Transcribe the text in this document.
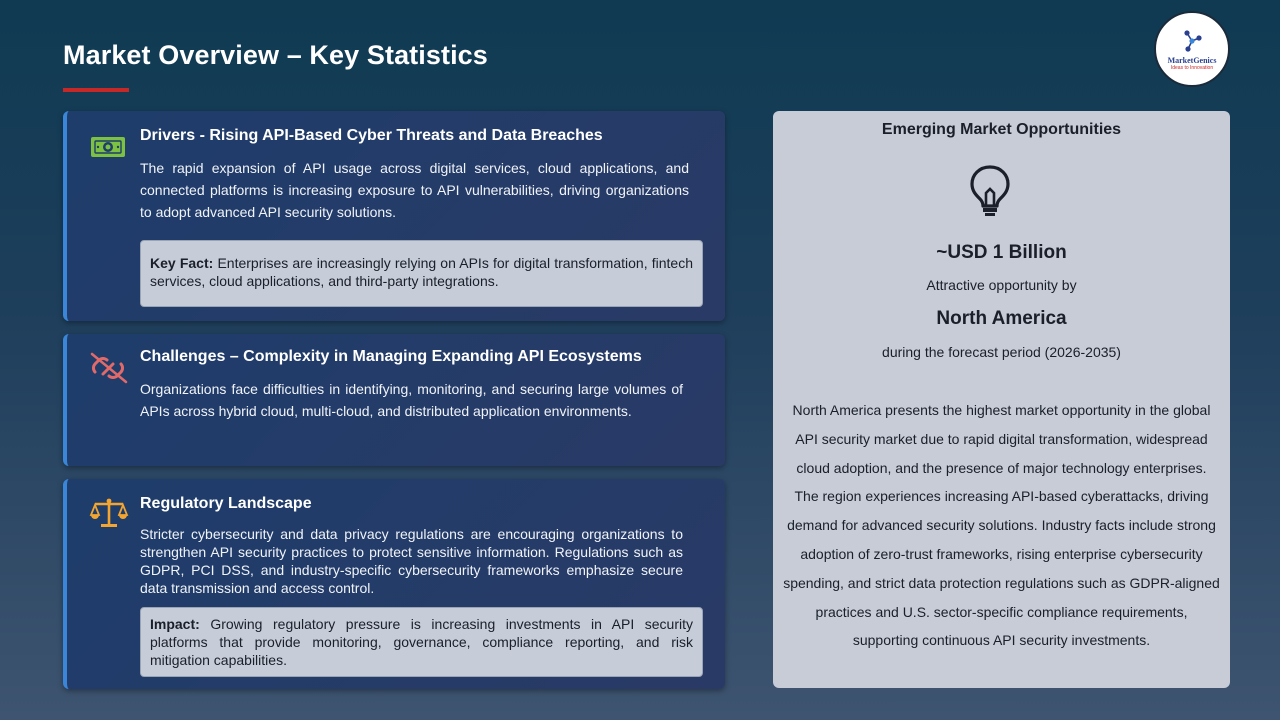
Market Overview – Key Statistics	MarketGenics
Ideas to Innovation
Drivers - Rising API-Based Cyber Threats and Data Breaches
The rapid expansion of API usage across digital services, cloud applications, and connected platforms is increasing exposure to API vulnerabilities, driving organizations to adopt advanced API security solutions.
Key Fact: Enterprises are increasingly relying on APIs for digital transformation, fintech services, cloud applications, and third-party integrations.
Challenges – Complexity in Managing Expanding API Ecosystems
Organizations face difficulties in identifying, monitoring, and securing large volumes of APIs across hybrid cloud, multi-cloud, and distributed application environments.
Regulatory Landscape
Stricter cybersecurity and data privacy regulations are encouraging organizations to strengthen API security practices to protect sensitive information. Regulations such as GDPR, PCI DSS, and industry-specific cybersecurity frameworks emphasize secure data transmission and access control.
Impact: Growing regulatory pressure is increasing investments in API security platforms that provide monitoring, governance, compliance reporting, and risk mitigation capabilities.
Emerging Market Opportunities
~USD 1 Billion
Attractive opportunity by
North America
during the forecast period (2026-2035)
North America presents the highest market opportunity in the global API security market due to rapid digital transformation, widespread cloud adoption, and the presence of major technology enterprises. The region experiences increasing API-based cyberattacks, driving demand for advanced security solutions. Industry facts include strong adoption of zero-trust frameworks, rising enterprise cybersecurity spending, and strict data protection regulations such as GDPR-aligned practices and U.S. sector-specific compliance requirements, supporting continuous API security investments.
